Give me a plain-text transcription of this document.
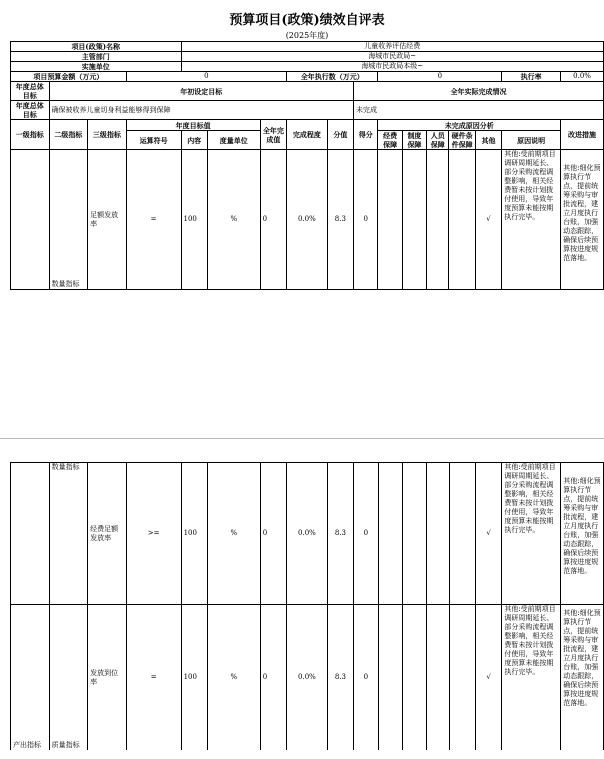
预算项目(政策)绩效自评表
(2025年度)
项目(政策)名称				儿童收养评估经费												
主管部门				海城市民政局~												
实施单位				海城市民政局本级~												
项目预算金额（万元）			0				全年执行数（万元）			0					执行率	0.0%
年度总体目标	年初设定目标								全年实际完成情况							
年度总体目标	确保被收养儿童切身利益能够得到保障								未完成							
一级指标	二级指标	三级指标	年度目标值			全年完成值	完成程度	分值	得分	未完成原因分析						改进措施
			运算符号	内容	度量单位					经费保障	制度保障	人员保障	硬件条件保障	其他	原因说明	

	数量指标	足额发放率	=	100	%	0	0.0%	8.3	0					√	其他:受前期项目调研周期延长、部分采购流程调整影响，相关经费暂未按计划拨付使用，导致年度预算未能按期执行完毕。	其他:细化预算执行节点，提前统筹采购与审批流程，建立月度执行台账，加强动态跟踪，确保后续预算按进度规范落地。
	数量指标	经费足额发放率	>=	100	%	0	0.0%	8.3	0					√	其他:受前期项目调研周期延长、部分采购流程调整影响，相关经费暂未按计划拨付使用，导致年度预算未能按期执行完毕。	其他:细化预算执行节点，提前统筹采购与审批流程，建立月度执行台账，加强动态跟踪，确保后续预算按进度规范落地。
产出指标	质量指标	发放到位率	=	100	%	0	0.0%	8.3	0					√	其他:受前期项目调研周期延长、部分采购流程调整影响，相关经费暂未按计划拨付使用，导致年度预算未能按期执行完毕。	其他:细化预算执行节点，提前统筹采购与审批流程，建立月度执行台账，加强动态跟踪，确保后续预算按进度规范落地。
